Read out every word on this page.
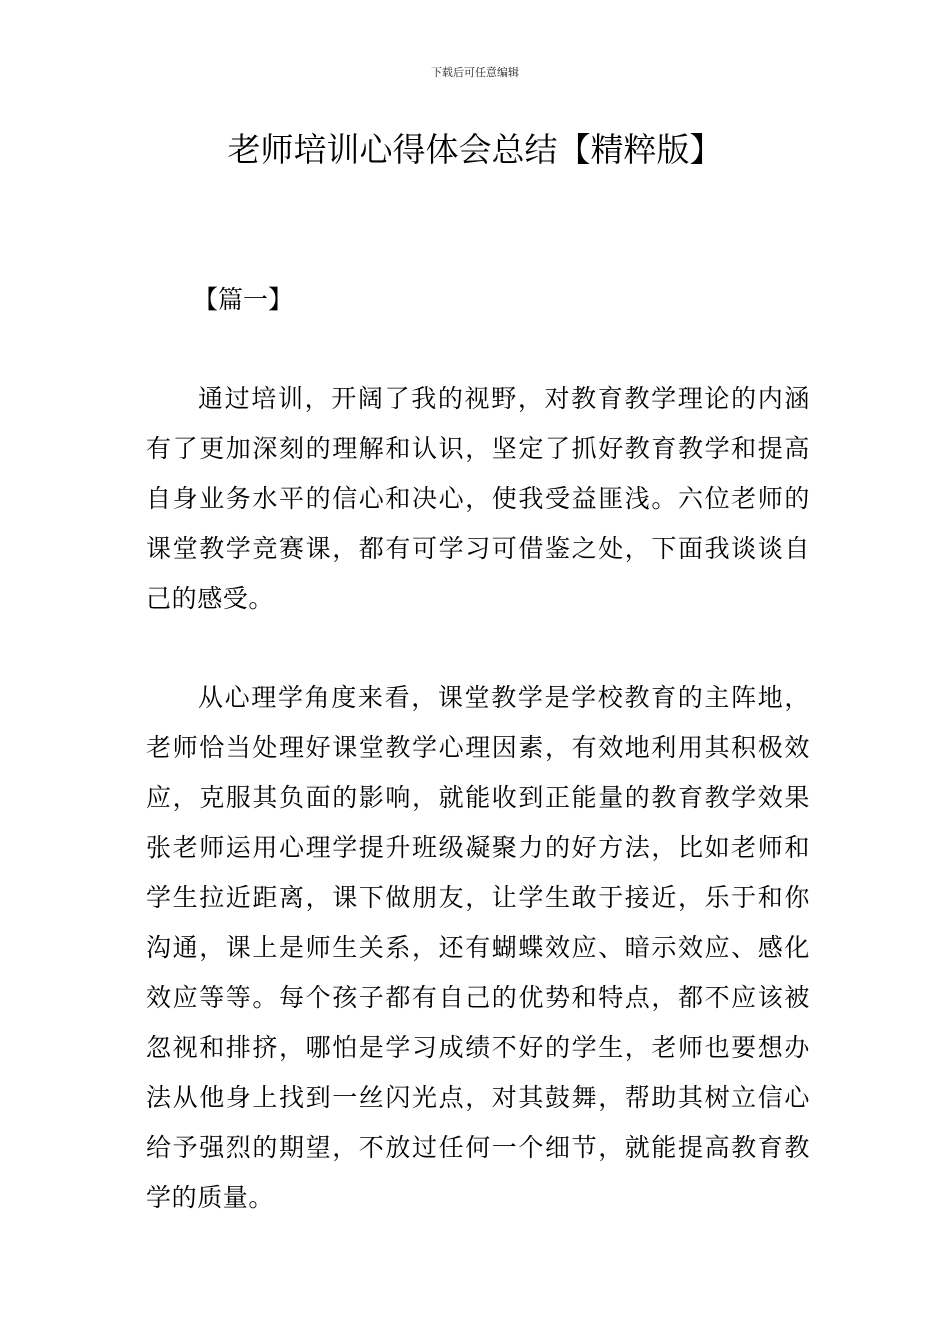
下载后可任意编辑
老师培训心得体会总结【精粹版】
【篇一】

通过培训，开阔了我的视野，对教育教学理论的内涵有了更加深刻的理解和认识，坚定了抓好教育教学和提高自身业务水平的信心和决心，使我受益匪浅。六位老师的课堂教学竞赛课，都有可学习可借鉴之处，下面我谈谈自己的感受。

从心理学角度来看，课堂教学是学校教育的主阵地，老师恰当处理好课堂教学心理因素，有效地利用其积极效应，克服其负面的影响，就能收到正能量的教育教学效果张老师运用心理学提升班级凝聚力的好方法，比如老师和学生拉近距离，课下做朋友，让学生敢于接近，乐于和你沟通，课上是师生关系，还有蝴蝶效应、暗示效应、感化效应等等。每个孩子都有自己的优势和特点，都不应该被忽视和排挤，哪怕是学习成绩不好的学生，老师也要想办法从他身上找到一丝闪光点，对其鼓舞，帮助其树立信心给予强烈的期望，不放过任何一个细节，就能提高教育教学的质量。
